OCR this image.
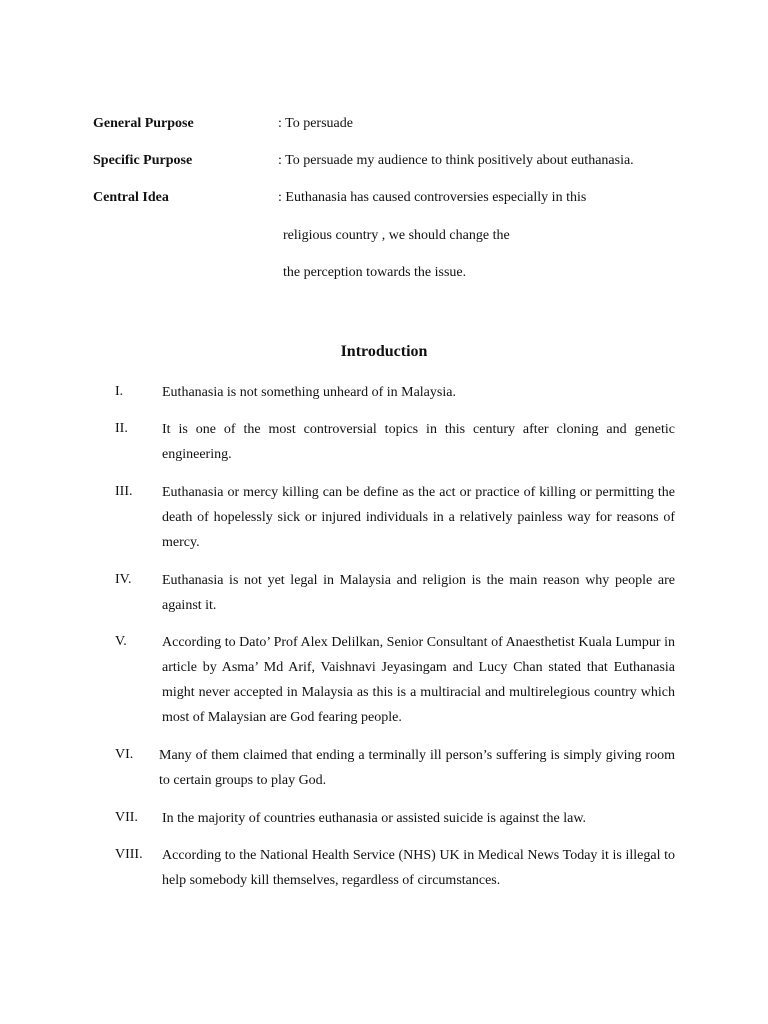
General Purpose	: To persuade
Specific Purpose	: To persuade my audience to think positively about euthanasia.
Central Idea	: Euthanasia has caused controversies especially in this
religious country , we should change the
the perception towards the issue.
Introduction
I.	Euthanasia is not something unheard of in Malaysia.
II. It is one of the most controversial topics in this century after cloning and genetic engineering.
III. Euthanasia or mercy killing can be define as the act or practice of killing or permitting the death of hopelessly sick or injured individuals in a relatively painless way for reasons of mercy.
IV. Euthanasia is not yet legal in Malaysia and religion is the main reason why people are against it.
V.	According to Dato’ Prof Alex Delilkan, Senior Consultant of Anaesthetist Kuala Lumpur in article by Asma’ Md Arif, Vaishnavi Jeyasingam and Lucy Chan stated that Euthanasia might never accepted in Malaysia as this is a multiracial and multirelegious country which most of Malaysian are God fearing people.
VI. Many of them claimed that ending a terminally ill person’s suffering is simply giving room to certain groups to play God.
VII. In the majority of countries euthanasia or assisted suicide is against the law.
VIII. According to the National Health Service (NHS) UK in Medical News Today it is illegal to help somebody kill themselves, regardless of circumstances.
